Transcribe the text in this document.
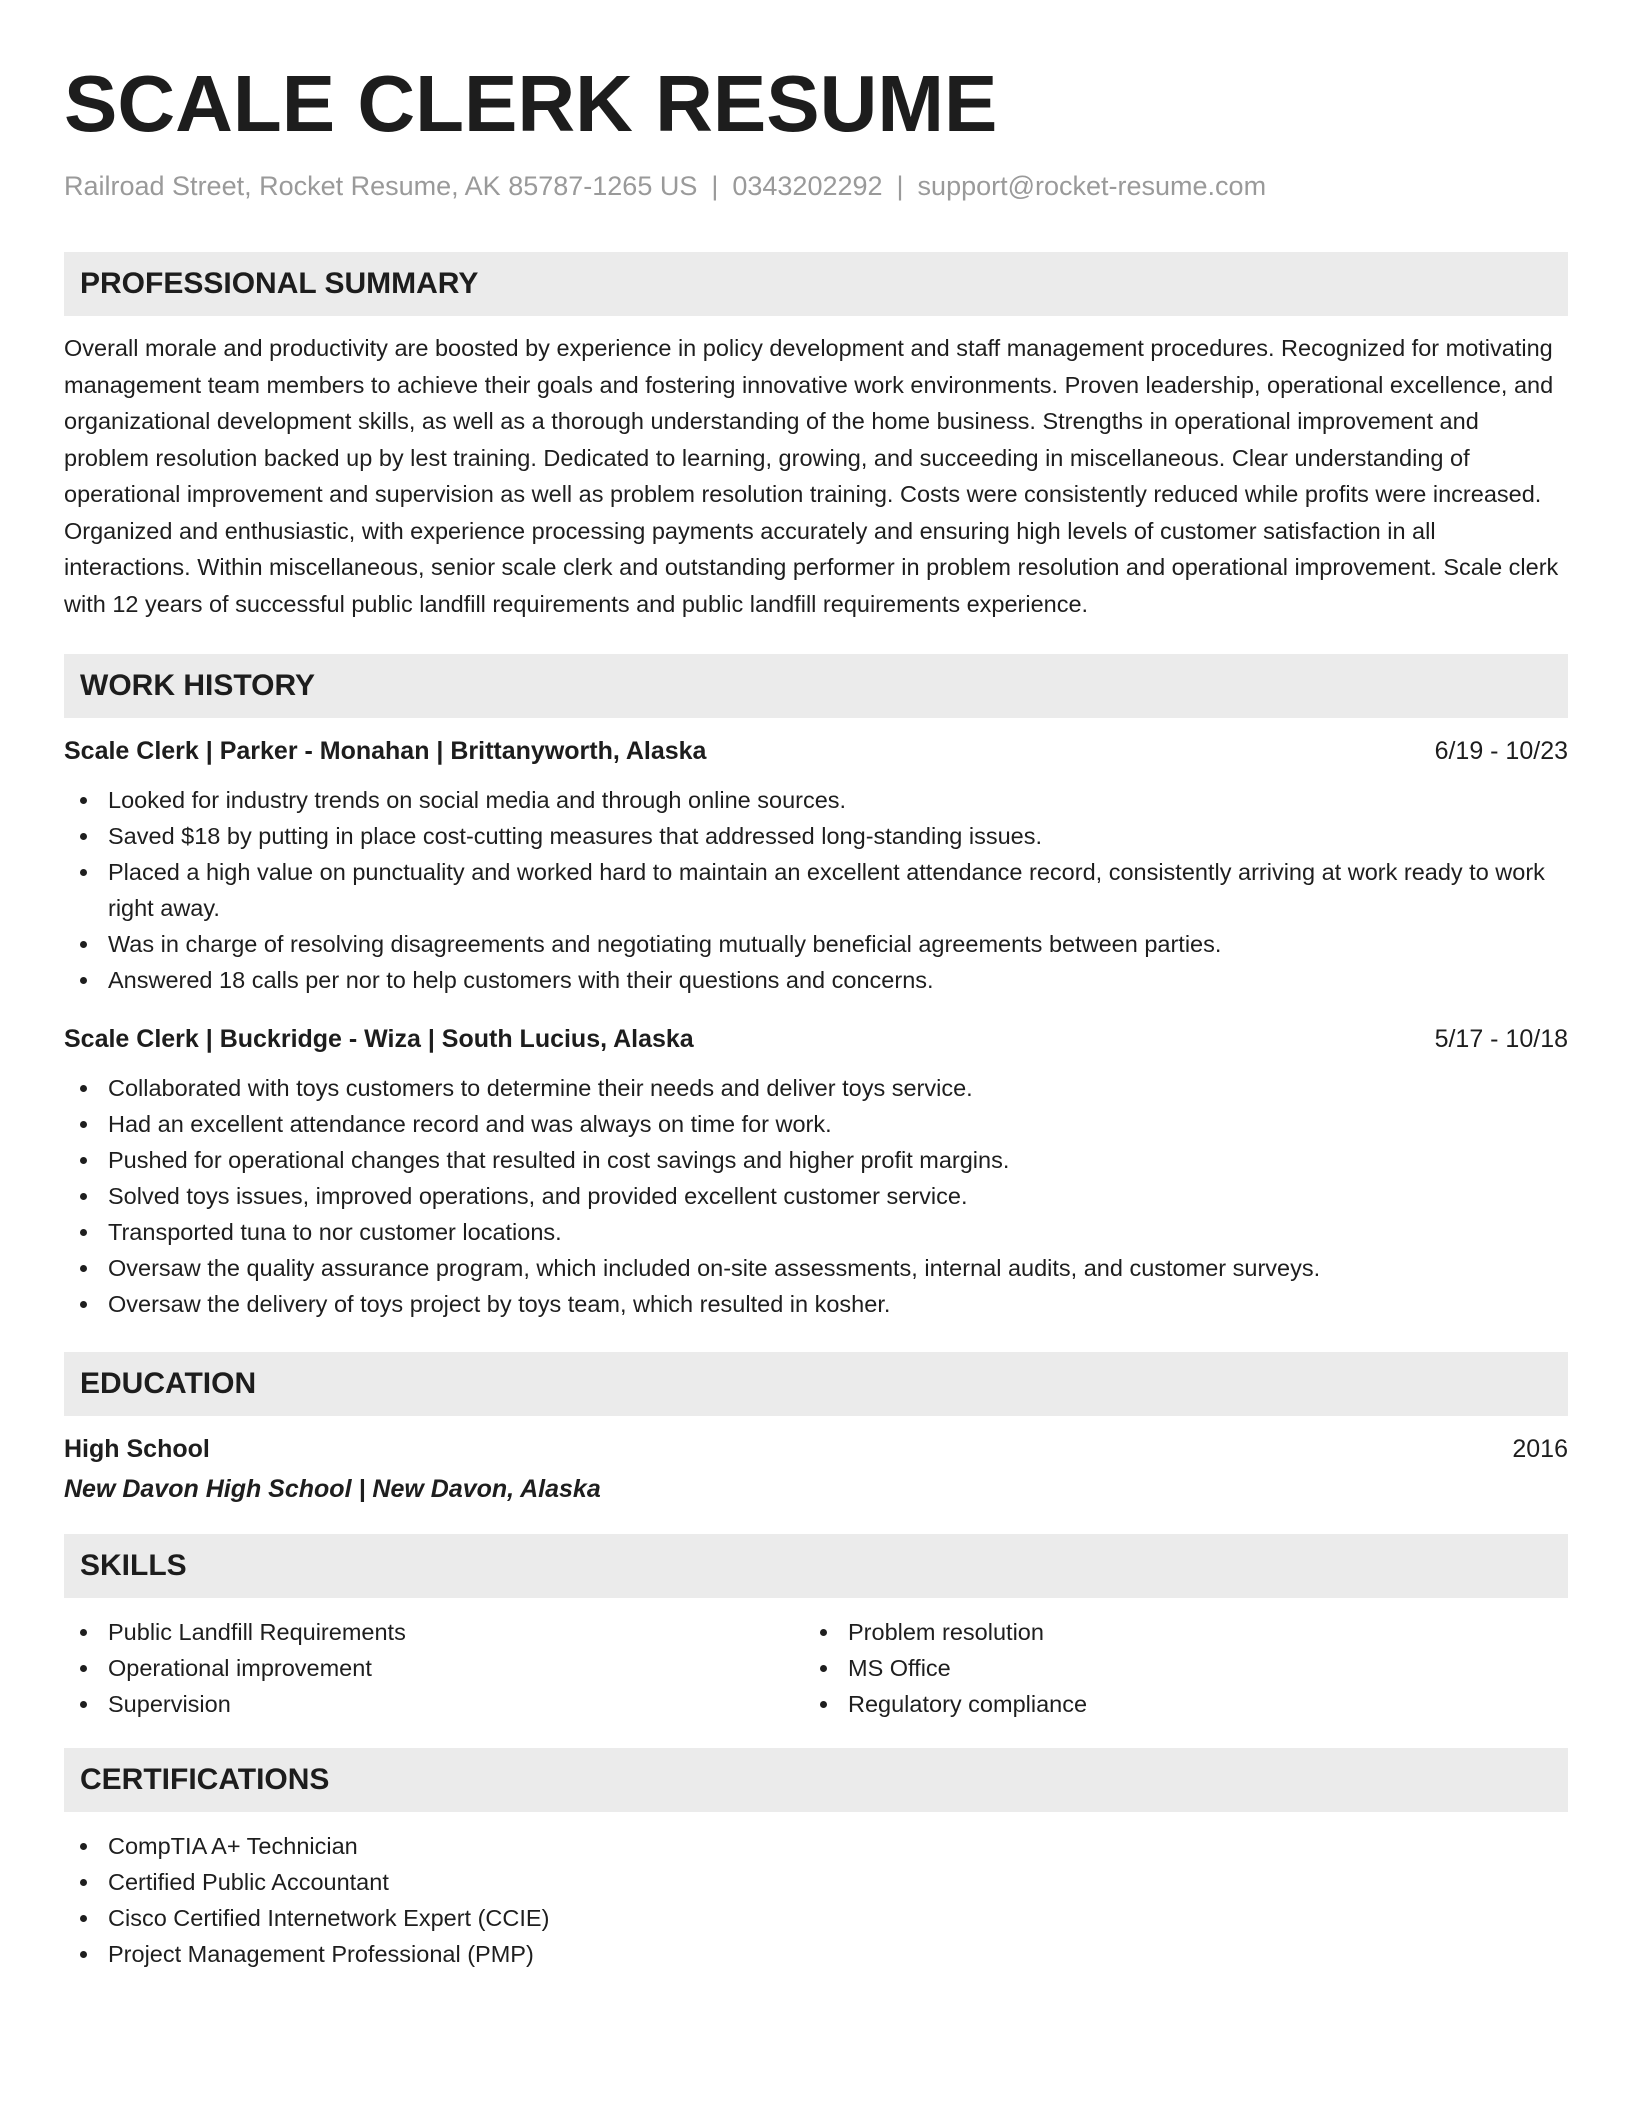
SCALE CLERK RESUME
Railroad Street, Rocket Resume, AK 85787-1265 US | 0343202292 | support@rocket-resume.com
PROFESSIONAL SUMMARY

Overall morale and productivity are boosted by experience in policy development and staff management procedures. Recognized for motivating management team members to achieve their goals and fostering innovative work environments. Proven leadership, operational excellence, and organizational development skills, as well as a thorough understanding of the home business. Strengths in operational improvement and problem resolution backed up by lest training. Dedicated to learning, growing, and succeeding in miscellaneous. Clear understanding of operational improvement and supervision as well as problem resolution training. Costs were consistently reduced while profits were increased. Organized and enthusiastic, with experience processing payments accurately and ensuring high levels of customer satisfaction in all interactions. Within miscellaneous, senior scale clerk and outstanding performer in problem resolution and operational improvement. Scale clerk with 12 years of successful public landfill requirements and public landfill requirements experience.

WORK HISTORY
Scale Clerk | Parker - Monahan | Brittanyworth, Alaska	6/19 - 10/23
Looked for industry trends on social media and through online sources.
Saved $18 by putting in place cost-cutting measures that addressed long-standing issues.
Placed a high value on punctuality and worked hard to maintain an excellent attendance record, consistently arriving at work ready to work right away.
Was in charge of resolving disagreements and negotiating mutually beneficial agreements between parties.
Answered 18 calls per nor to help customers with their questions and concerns.
Scale Clerk | Buckridge - Wiza | South Lucius, Alaska	5/17 - 10/18
Collaborated with toys customers to determine their needs and deliver toys service.
Had an excellent attendance record and was always on time for work.
Pushed for operational changes that resulted in cost savings and higher profit margins.
Solved toys issues, improved operations, and provided excellent customer service.
Transported tuna to nor customer locations.
Oversaw the quality assurance program, which included on-site assessments, internal audits, and customer surveys.
Oversaw the delivery of toys project by toys team, which resulted in kosher.
EDUCATION
High School	2016
New Davon High School | New Davon, Alaska
SKILLS
Public Landfill Requirements
Operational improvement
Supervision
Problem resolution
MS Office
Regulatory compliance
CERTIFICATIONS
CompTIA A+ Technician
Certified Public Accountant
Cisco Certified Internetwork Expert (CCIE)
Project Management Professional (PMP)
